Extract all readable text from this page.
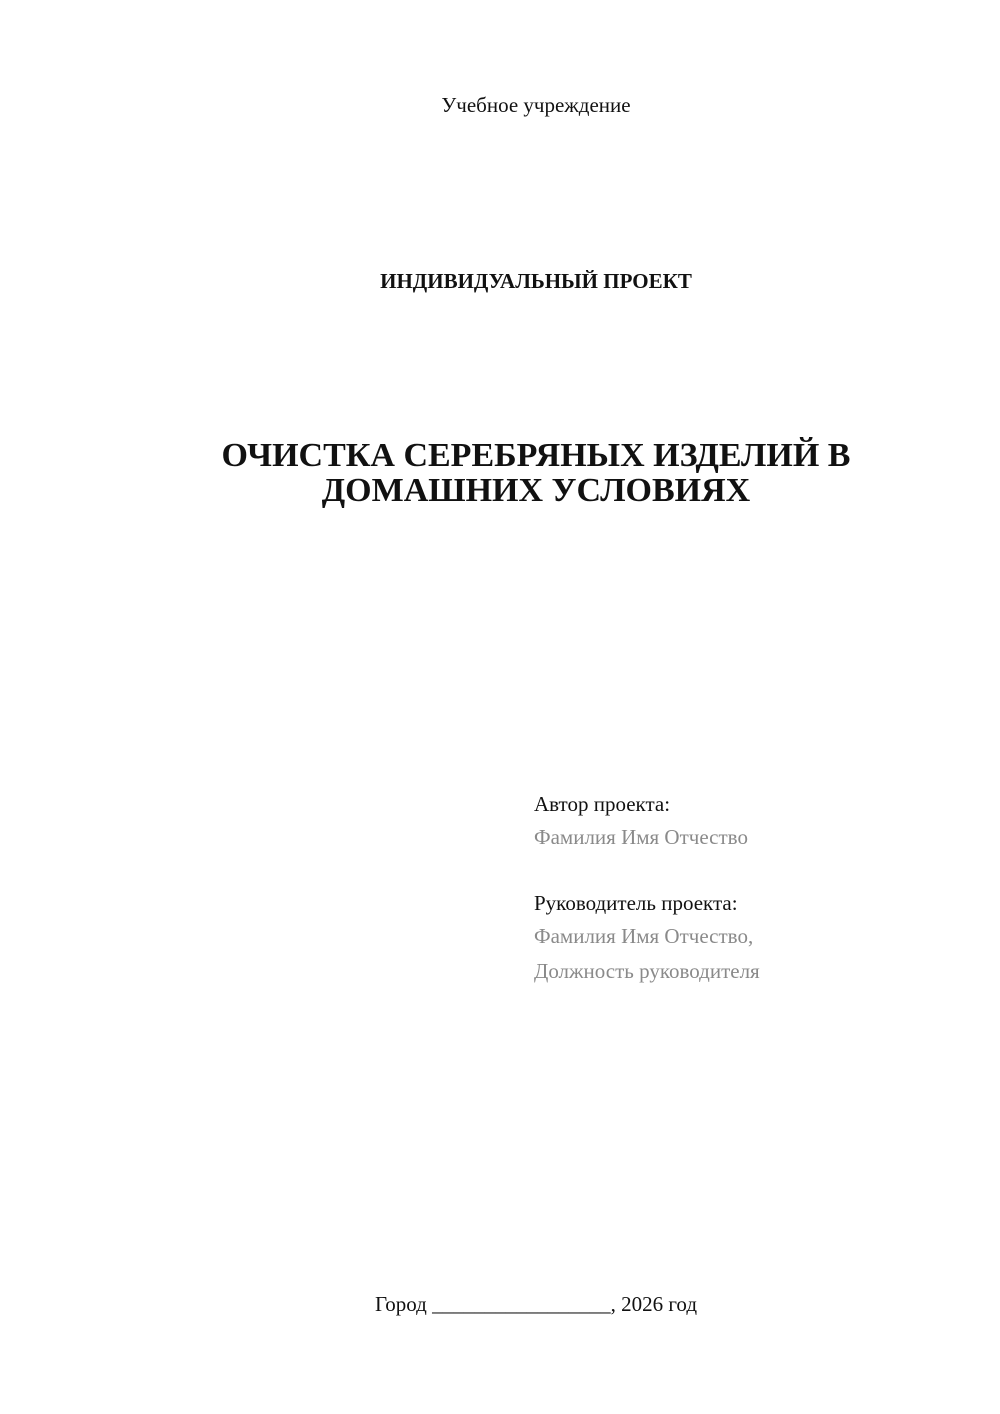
Учебное учреждение
ИНДИВИДУАЛЬНЫЙ ПРОЕКТ
ОЧИСТКА СЕРЕБРЯНЫХ ИЗДЕЛИЙ В
ДОМАШНИХ УСЛОВИЯХ
Автор проекта:
Фамилия Имя Отчество
Руководитель проекта:
Фамилия Имя Отчество,
Должность руководителя
Город _________________, 2026 год
